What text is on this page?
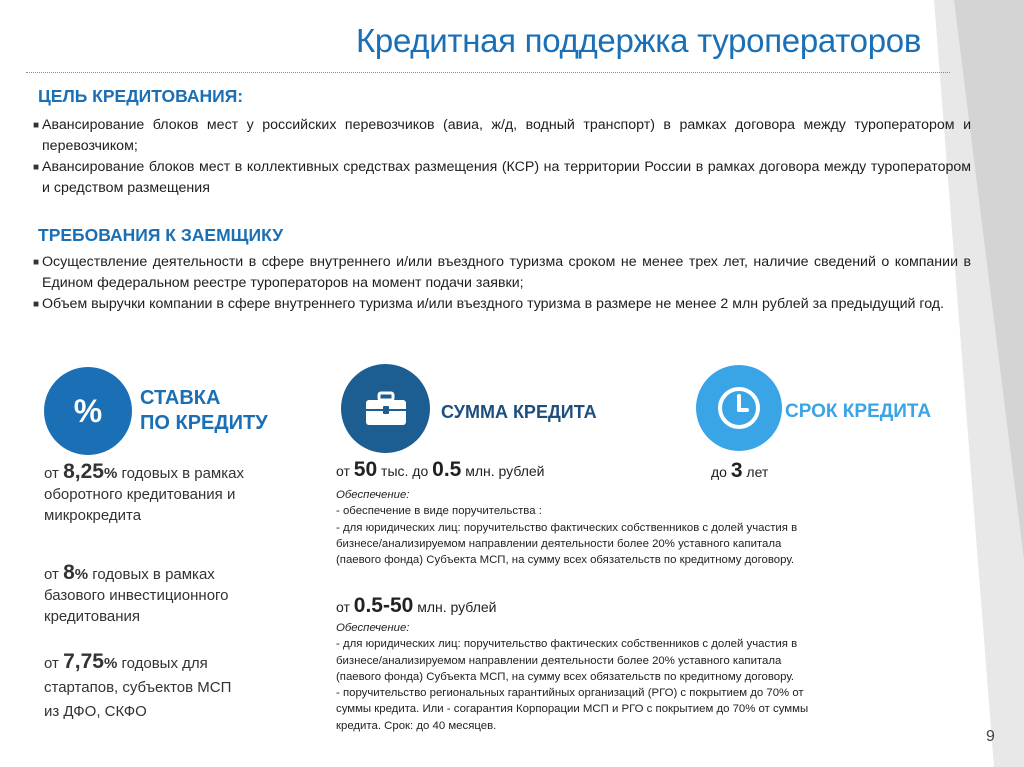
Кредитная поддержка туроператоров
ЦЕЛЬ КРЕДИТОВАНИЯ:
■ Авансирование блоков мест у российских перевозчиков (авиа, ж/д, водный транспорт) в рамках договора между туроператором и перевозчиком;
■ Авансирование блоков мест в коллективных средствах размещения (КСР) на территории России в рамках договора между туроператором и средством размещения
ТРЕБОВАНИЯ К ЗАЕМЩИКУ
■ Осуществление деятельности в сфере внутреннего и/или въездного туризма сроком не менее трех лет, наличие сведений о компании в Едином федеральном реестре туроператоров на момент подачи заявки;
■ Объем выручки компании в сфере внутреннего туризма и/или въездного туризма в размере не менее 2 млн рублей за предыдущий год.
% СТАВКА
ПО КРЕДИТУ
от 8,25% годовых в рамках
оборотного кредитования и
микрокредита
от 8% годовых в рамках
базового инвестиционного
кредитования
от 7,75% годовых для
стартапов, субъектов МСП
из ДФО, СКФО
СУММА КРЕДИТА
от 50 тыс. до 0.5 млн. рублей
Обеспечение:
- обеспечение в виде поручительства :
- для юридических лиц: поручительство фактических собственников с долей участия в
бизнесе/анализируемом направлении деятельности более 20% уставного капитала
(паевого фонда) Субъекта МСП, на сумму всех обязательств по кредитному договору.
от 0.5-50 млн. рублей
Обеспечение:
- для юридических лиц: поручительство фактических собственников с долей участия в
бизнесе/анализируемом направлении деятельности более 20% уставного капитала
(паевого фонда) Субъекта МСП, на сумму всех обязательств по кредитному договору.
- поручительство региональных гарантийных организаций (РГО) с покрытием до 70% от
суммы кредита. Или - согарантия Корпорации МСП и РГО с покрытием до 70% от суммы
кредита. Срок: до 40 месяцев.
СРОК КРЕДИТА
до 3 лет
9
